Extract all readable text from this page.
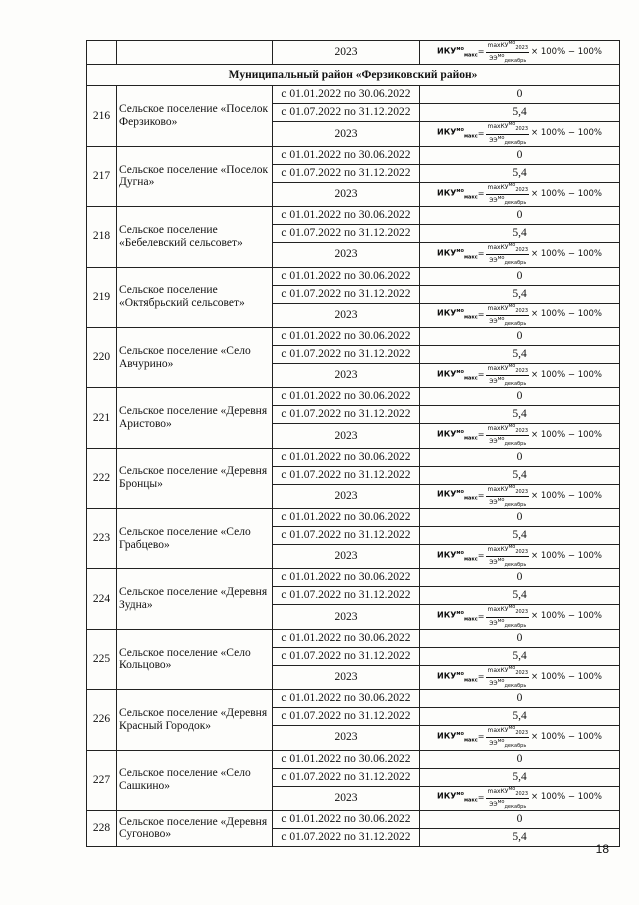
		2023	$ИКУ^{мо}_{макс} = \frac{\max КУ^{мо}_{2023}}{ЭЭ^{мо}_{декабрь}} \times 100\% - 100\%$

Муниципальный район «Ферзиковский район»			
216	Сельское поселение «Поселок Ферзиково»	с 01.01.2022 по 30.06.2022	0
		с 01.07.2022 по 31.12.2022	5,4
		2023	$ИКУ^{мо}_{макс} = \frac{\max КУ^{мо}_{2023}}{ЭЭ^{мо}_{декабрь}} \times 100\% - 100\%$

217	Сельское поселение «Поселок Дугна»	с 01.01.2022 по 30.06.2022	0
		с 01.07.2022 по 31.12.2022	5,4
		2023	$ИКУ^{мо}_{макс} = \frac{\max КУ^{мо}_{2023}}{ЭЭ^{мо}_{декабрь}} \times 100\% - 100\%$

218	Сельское поселение «Бебелевский сельсовет»	с 01.01.2022 по 30.06.2022	0
		с 01.07.2022 по 31.12.2022	5,4
		2023	$ИКУ^{мо}_{макс} = \frac{\max КУ^{мо}_{2023}}{ЭЭ^{мо}_{декабрь}} \times 100\% - 100\%$

219	Сельское поселение «Октябрьский сельсовет»	с 01.01.2022 по 30.06.2022	0
		с 01.07.2022 по 31.12.2022	5,4
		2023	$ИКУ^{мо}_{макс} = \frac{\max КУ^{мо}_{2023}}{ЭЭ^{мо}_{декабрь}} \times 100\% - 100\%$

220	Сельское поселение «Село Авчурино»	с 01.01.2022 по 30.06.2022	0
		с 01.07.2022 по 31.12.2022	5,4
		2023	$ИКУ^{мо}_{макс} = \frac{\max КУ^{мо}_{2023}}{ЭЭ^{мо}_{декабрь}} \times 100\% - 100\%$

221	Сельское поселение «Деревня Аристово»	с 01.01.2022 по 30.06.2022	0
		с 01.07.2022 по 31.12.2022	5,4
		2023	$ИКУ^{мо}_{макс} = \frac{\max КУ^{мо}_{2023}}{ЭЭ^{мо}_{декабрь}} \times 100\% - 100\%$

222	Сельское поселение «Деревня Бронцы»	с 01.01.2022 по 30.06.2022	0
		с 01.07.2022 по 31.12.2022	5,4
		2023	$ИКУ^{мо}_{макс} = \frac{\max КУ^{мо}_{2023}}{ЭЭ^{мо}_{декабрь}} \times 100\% - 100\%$

223	Сельское поселение «Село Грабцево»	с 01.01.2022 по 30.06.2022	0
		с 01.07.2022 по 31.12.2022	5,4
		2023	$ИКУ^{мо}_{макс} = \frac{\max КУ^{мо}_{2023}}{ЭЭ^{мо}_{декабрь}} \times 100\% - 100\%$

224	Сельское поселение «Деревня Зудна»	с 01.01.2022 по 30.06.2022	0
		с 01.07.2022 по 31.12.2022	5,4
		2023	$ИКУ^{мо}_{макс} = \frac{\max КУ^{мо}_{2023}}{ЭЭ^{мо}_{декабрь}} \times 100\% - 100\%$

225	Сельское поселение «Село Кольцово»	с 01.01.2022 по 30.06.2022	0
		с 01.07.2022 по 31.12.2022	5,4
		2023	$ИКУ^{мо}_{макс} = \frac{\max КУ^{мо}_{2023}}{ЭЭ^{мо}_{декабрь}} \times 100\% - 100\%$

226	Сельское поселение «Деревня Красный Городок»	с 01.01.2022 по 30.06.2022	0
		с 01.07.2022 по 31.12.2022	5,4
		2023	$ИКУ^{мо}_{макс} = \frac{\max КУ^{мо}_{2023}}{ЭЭ^{мо}_{декабрь}} \times 100\% - 100\%$

227	Сельское поселение «Село Сашкино»	с 01.01.2022 по 30.06.2022	0
		с 01.07.2022 по 31.12.2022	5,4
		2023	$ИКУ^{мо}_{макс} = \frac{\max КУ^{мо}_{2023}}{ЭЭ^{мо}_{декабрь}} \times 100\% - 100\%$

228	Сельское поселение «Деревня Сугоново»	с 01.01.2022 по 30.06.2022	0
		с 01.07.2022 по 31.12.2022	5,4
18
